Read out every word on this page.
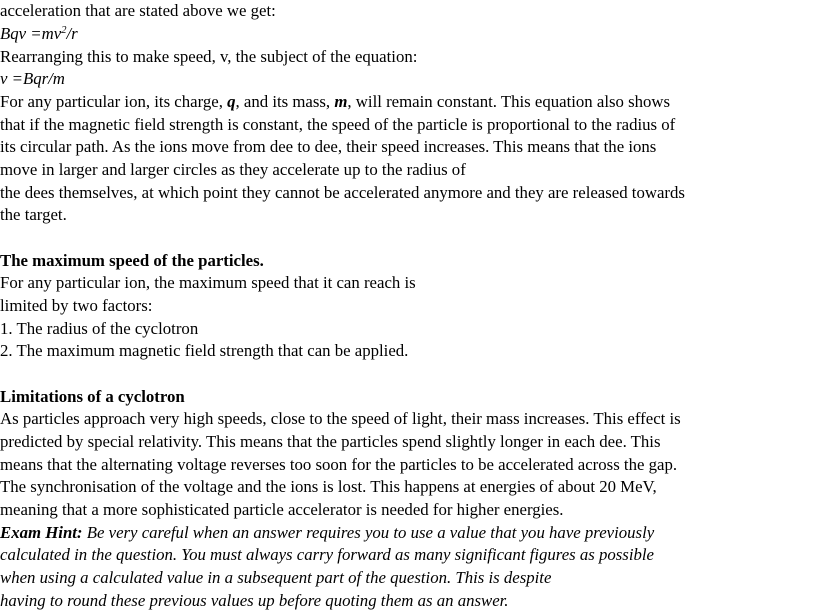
acceleration that are stated above we get:

Bqv $=mv^2/r$

Rearranging this to make speed, v, the subject of the equation:

v =Bqr/m

For any particular ion, its charge, q, and its mass, m, will remain constant. This equation also shows

that if the magnetic field strength is constant, the speed of the particle is proportional to the radius of

its circular path. As the ions move from dee to dee, their speed increases. This means that the ions

move in larger and larger circles as they accelerate up to the radius of

the dees themselves, at which point they cannot be accelerated anymore and they are released towards

the target.

The maximum speed of the particles.

For any particular ion, the maximum speed that it can reach is

limited by two factors:

1. The radius of the cyclotron

2. The maximum magnetic field strength that can be applied.

Limitations of a cyclotron

As particles approach very high speeds, close to the speed of light, their mass increases. This effect is

predicted by special relativity. This means that the particles spend slightly longer in each dee. This

means that the alternating voltage reverses too soon for the particles to be accelerated across the gap.

The synchronisation of the voltage and the ions is lost. This happens at energies of about 20 MeV,

meaning that a more sophisticated particle accelerator is needed for higher energies.

Exam Hint: Be very careful when an answer requires you to use a value that you have previously

calculated in the question. You must always carry forward as many significant figures as possible

when using a calculated value in a subsequent part of the question. This is despite

having to round these previous values up before quoting them as an answer.
